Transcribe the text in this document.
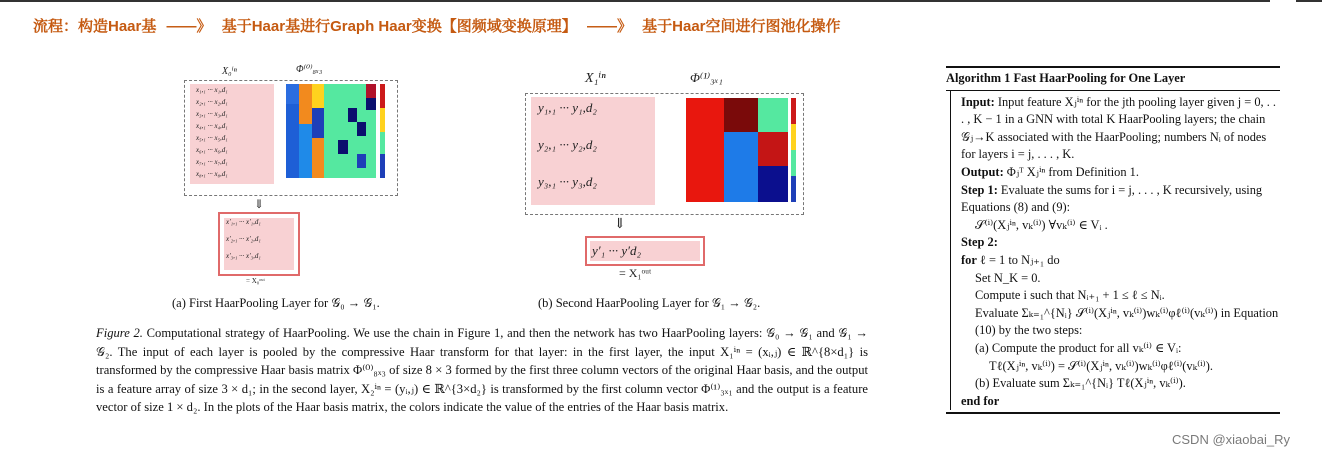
流程：构造Haar基 ——》 基于Haar基进行Graph Haar变换【图频域变换原理】 ——》 基于Haar空间进行图池化操作
X₀ⁱⁿ	Φ⁽⁰⁾₈ₓ₃
x₁,₁ ··· x₁,d₁
x₂,₁ ··· x₂,d₁
x₃,₁ ··· x₃,d₁
x₄,₁ ··· x₄,d₁
x₅,₁ ··· x₅,d₁
x₆,₁ ··· x₆,d₁
x₇,₁ ··· x₇,d₁
x₈,₁ ··· x₈,d₁
⇓
x′₁,₁ ··· x′₁,d₁
x′₂,₁ ··· x′₂,d₁
x′₃,₁ ··· x′₃,d₁
= X₀ᵒᵘᵗ
(a) First HaarPooling Layer for 𝒢₀ → 𝒢₁.
X₁ⁱⁿ	Φ⁽¹⁾₃ₓ₁
y₁,₁ ··· y₁,d₂
y₂,₁ ··· y₂,d₂
y₃,₁ ··· y₃,d₂
⇓
y′₁ ··· y′d₂
= X₁ᵒᵘᵗ
(b) Second HaarPooling Layer for 𝒢₁ → 𝒢₂.
Figure 2. Computational strategy of HaarPooling. We use the chain in Figure 1, and then the network has two HaarPooling layers: 𝒢₀ → 𝒢₁ and 𝒢₁ → 𝒢₂. The input of each layer is pooled by the compressive Haar transform for that layer: in the first layer, the input X₁ⁱⁿ = (xᵢ,ⱼ) ∈ ℝ^{8×d₁} is transformed by the compressive Haar basis matrix Φ⁽⁰⁾₈ₓ₃ of size 8 × 3 formed by the first three column vectors of the original Haar basis, and the output is a feature array of size 3 × d₁; in the second layer, X₂ⁱⁿ = (yᵢ,ⱼ) ∈ ℝ^{3×d₂} is transformed by the first column vector Φ⁽¹⁾₃ₓ₁ and the output is a feature vector of size 1 × d₂. In the plots of the Haar basis matrix, the colors indicate the value of the entries of the Haar basis matrix.
Algorithm 1 Fast HaarPooling for One Layer
Input: Input feature Xⱼⁱⁿ for the jth pooling layer given j = 0, . . . , K − 1 in a GNN with total K HaarPooling layers; the chain 𝒢ⱼ→K associated with the HaarPooling; numbers Nᵢ of nodes for layers i = j, . . . , K.
Output: Φⱼᵀ Xⱼⁱⁿ from Definition 1.
Step 1: Evaluate the sums for i = j, . . . , K recursively, using Equations (8) and (9):
𝒮⁽ⁱ⁾(Xⱼⁱⁿ, vₖ⁽ⁱ⁾) ∀vₖ⁽ⁱ⁾ ∈ Vᵢ .
Step 2:
for ℓ = 1 to Nⱼ₊₁ do
Set N_K = 0.
Compute i such that Nᵢ₊₁ + 1 ≤ ℓ ≤ Nᵢ.
Evaluate Σₖ₌₁^{Nᵢ} 𝒮⁽ⁱ⁾(Xⱼⁱⁿ, vₖ⁽ⁱ⁾)wₖ⁽ⁱ⁾φℓ⁽ⁱ⁾(vₖ⁽ⁱ⁾) in Equation (10) by the two steps:
(a) Compute the product for all vₖ⁽ⁱ⁾ ∈ Vᵢ:
Tℓ(Xⱼⁱⁿ, vₖ⁽ⁱ⁾) = 𝒮⁽ⁱ⁾(Xⱼⁱⁿ, vₖ⁽ⁱ⁾)wₖ⁽ⁱ⁾φℓ⁽ⁱ⁾(vₖ⁽ⁱ⁾).
(b) Evaluate sum Σₖ₌₁^{Nᵢ} Tℓ(Xⱼⁱⁿ, vₖ⁽ⁱ⁾).
end for
CSDN @xiaobai_Ry
